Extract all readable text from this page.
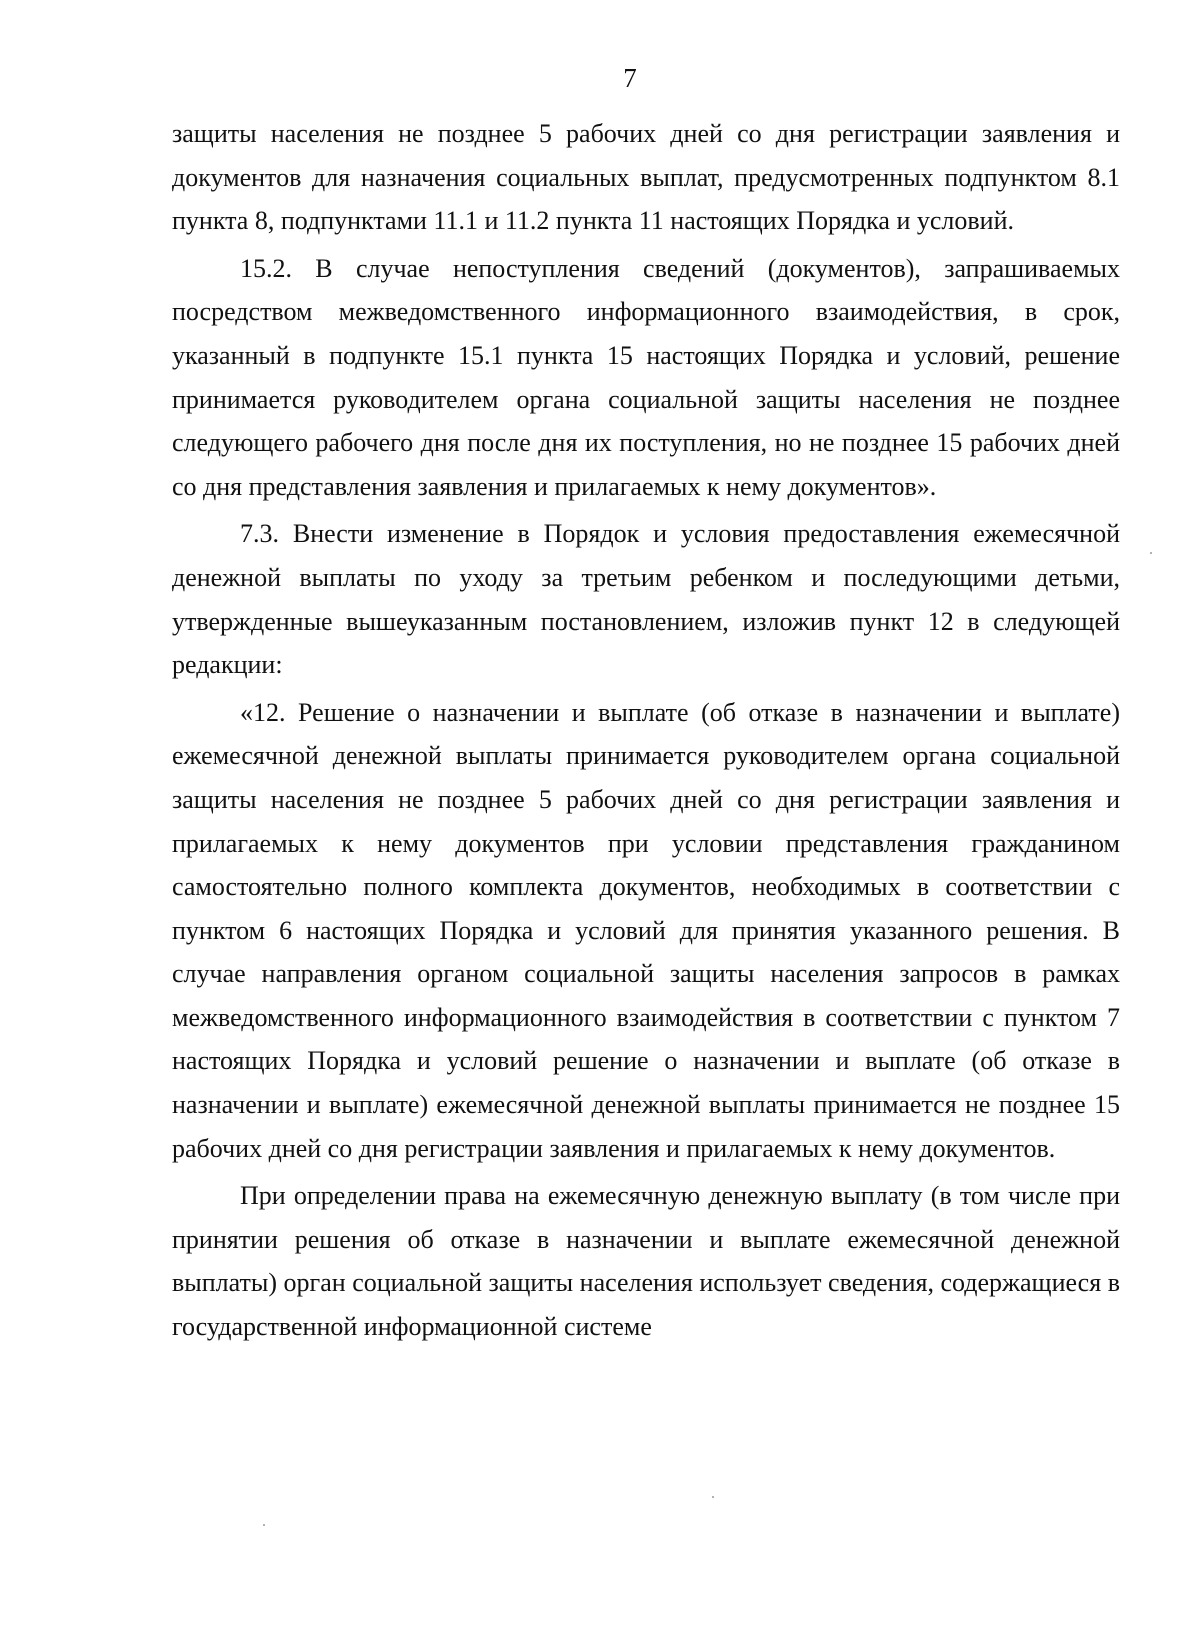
7

защиты населения не позднее 5 рабочих дней со дня регистрации заявления и документов для назначения социальных выплат, предусмотренных подпунктом 8.1 пункта 8, подпунктами 11.1 и 11.2 пункта 11 настоящих Порядка и условий.

15.2. В случае непоступления сведений (документов), запрашиваемых посредством межведомственного информационного взаимодействия, в срок, указанный в подпункте 15.1 пункта 15 настоящих Порядка и условий, решение принимается руководителем органа социальной защиты населения не позднее следующего рабочего дня после дня их поступления, но не позднее 15 рабочих дней со дня представления заявления и прилагаемых к нему документов».

7.3. Внести изменение в Порядок и условия предоставления ежемесячной денежной выплаты по уходу за третьим ребенком и последующими детьми, утвержденные вышеуказанным постановлением, изложив пункт 12 в следующей редакции:

«12. Решение о назначении и выплате (об отказе в назначении и выплате) ежемесячной денежной выплаты принимается руководителем органа социальной защиты населения не позднее 5 рабочих дней со дня регистрации заявления и прилагаемых к нему документов при условии представления гражданином самостоятельно полного комплекта документов, необходимых в соответствии с пунктом 6 настоящих Порядка и условий для принятия указанного решения. В случае направления органом социальной защиты населения запросов в рамках межведомственного информационного взаимодействия в соответствии с пунктом 7 настоящих Порядка и условий решение о назначении и выплате (об отказе в назначении и выплате) ежемесячной денежной выплаты принимается не позднее 15 рабочих дней со дня регистрации заявления и прилагаемых к нему документов.

При определении права на ежемесячную денежную выплату (в том числе при принятии решения об отказе в назначении и выплате ежемесячной денежной выплаты) орган социальной защиты населения использует сведения, содержащиеся в государственной информационной системе
